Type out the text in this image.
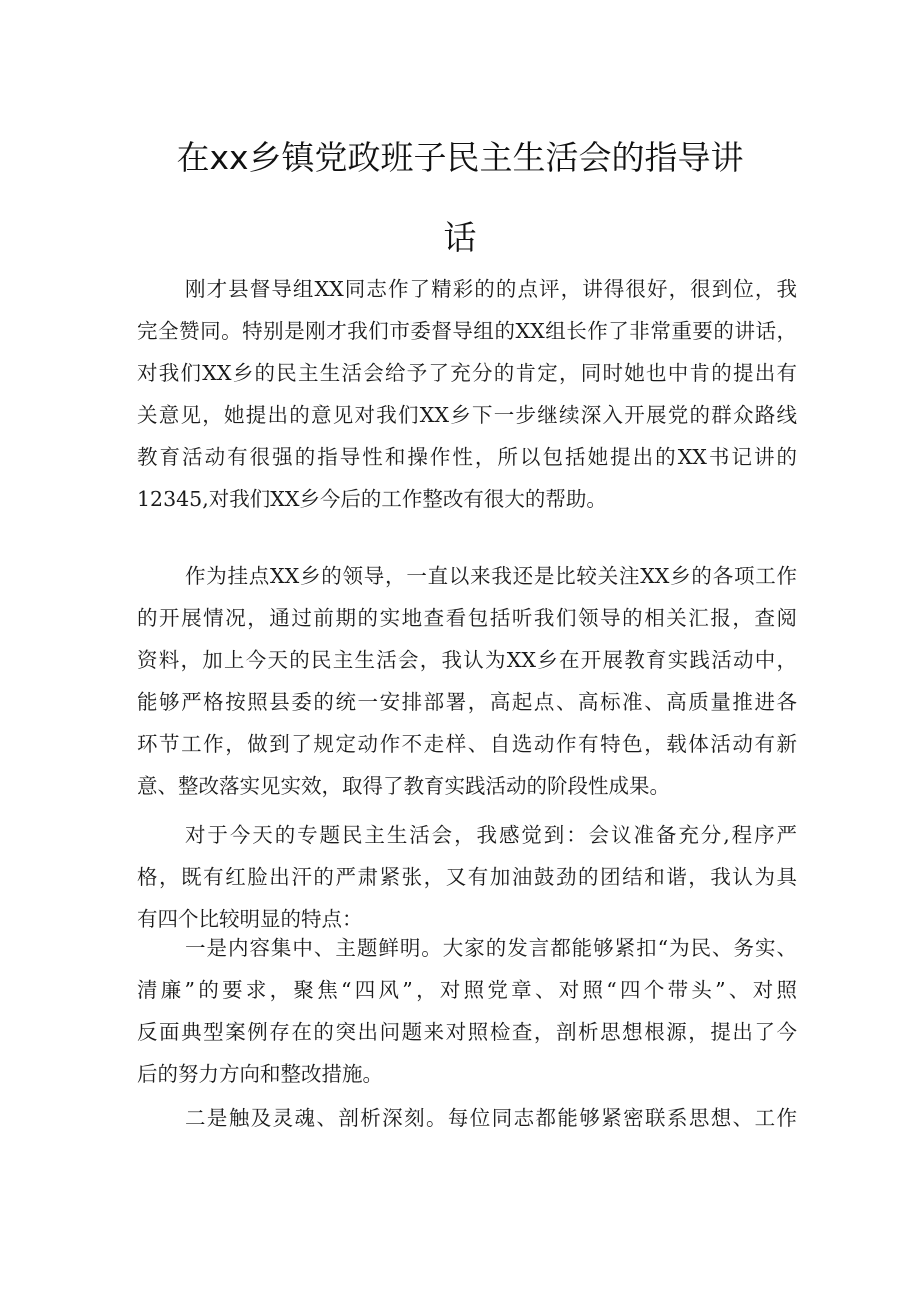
在xx乡镇党政班子民主生活会的指导讲
话
刚才县督导组XX同志作了精彩的的点评，讲得很好，很到位，我
完全赞同。特别是刚才我们市委督导组的XX组长作了非常重要的讲话，
对我们XX乡的民主生活会给予了充分的肯定，同时她也中肯的提出有
关意见，她提出的意见对我们XX乡下一步继续深入开展党的群众路线
教育活动有很强的指导性和操作性，所以包括她提出的XX书记讲的
12345,对我们XX乡今后的工作整改有很大的帮助。
作为挂点XX乡的领导，一直以来我还是比较关注XX乡的各项工作
的开展情况，通过前期的实地查看包括听我们领导的相关汇报，查阅
资料，加上今天的民主生活会，我认为XX乡在开展教育实践活动中，
能够严格按照县委的统一安排部署，高起点、高标准、高质量推进各
环节工作，做到了规定动作不走样、自选动作有特色，载体活动有新
意、整改落实见实效，取得了教育实践活动的阶段性成果。
对于今天的专题民主生活会，我感觉到：会议准备充分,程序严
格，既有红脸出汗的严肃紧张，又有加油鼓劲的团结和谐，我认为具
有四个比较明显的特点：
一是内容集中、主题鲜明。大家的发言都能够紧扣“为民、务实、
清廉”的要求，聚焦“四风”，对照党章、对照“四个带头”、对照
反面典型案例存在的突出问题来对照检查，剖析思想根源，提出了今
后的努力方向和整改措施。
二是触及灵魂、剖析深刻。每位同志都能够紧密联系思想、工作
